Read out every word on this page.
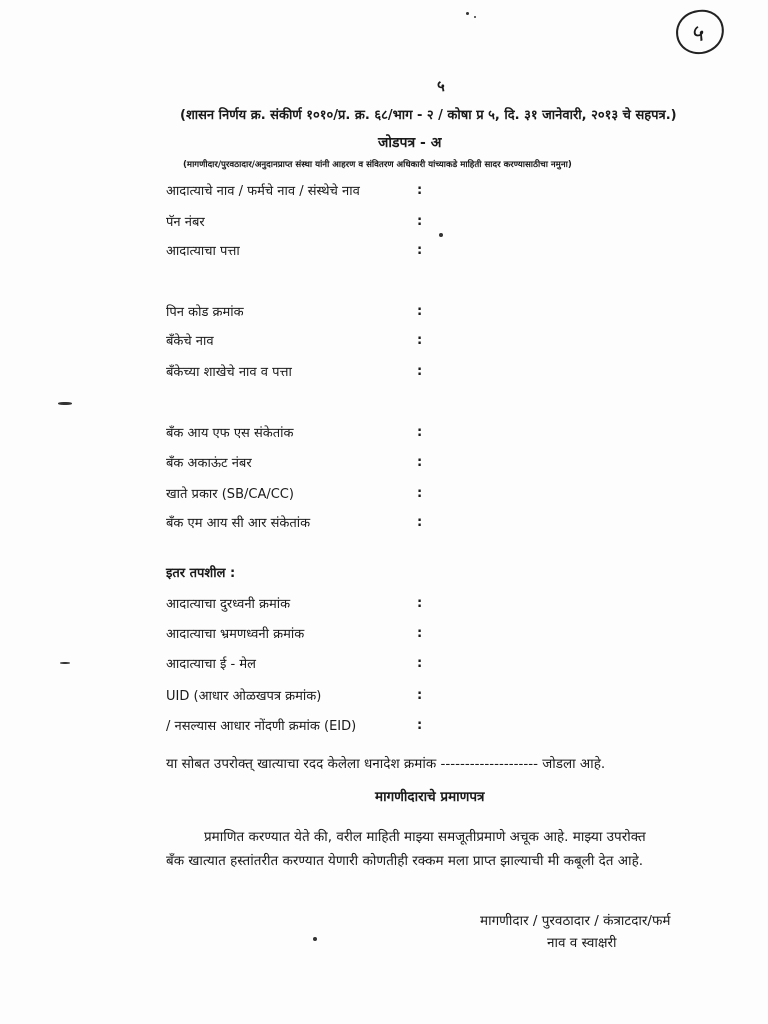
५
५
(शासन निर्णय क्र. संकीर्ण १०१०/प्र. क्र. ६८/भाग - २ / कोषा प्र ५, दि. ३१ जानेवारी, २०१३ चे सहपत्र.)
जोडपत्र - अ
(मागणीदार/पुरवठादार/अनुदानप्राप्त संस्था यांनी आहरण व संवितरण अधिकारी यांच्याकडे माहिती सादर करण्यासाठीचा नमुना)
आदात्याचे नाव / फर्मचे नाव / संस्थेचे नाव	:
पॅन नंबर	:
आदात्याचा पत्ता	:
पिन कोड क्रमांक	:
बँकेचे नाव	:
बँकेच्या शाखेचे नाव व पत्ता	:
बँक आय एफ एस संकेतांक	:
बँक अकाऊंट नंबर	:
खाते प्रकार (SB/CA/CC)	:
बँक एम आय सी आर संकेतांक	:
इतर तपशील :
आदात्याचा दुरध्वनी क्रमांक	:
आदात्याचा भ्रमणध्वनी क्रमांक	:
आदात्याचा ई - मेल	:
UID (आधार ओळखपत्र क्रमांक)	:
/ नसल्यास आधार नोंदणी क्रमांक (EID)	:
या सोबत उपरोक्त् खात्याचा रदद केलेला धनादेश क्रमांक -------------------- जोडला आहे.
मागणीदाराचे प्रमाणपत्र
प्रमाणित करण्यात येते की, वरील माहिती माझ्या समजूतीप्रमाणे अचूक आहे. माझ्या उपरोक्त
बँक खात्यात हस्तांतरीत करण्यात येणारी कोणतीही रक्कम मला प्राप्त झाल्याची मी कबूली देत आहे.
मागणीदार / पुरवठादार / कंत्राटदार/फर्म
नाव व स्वाक्षरी
